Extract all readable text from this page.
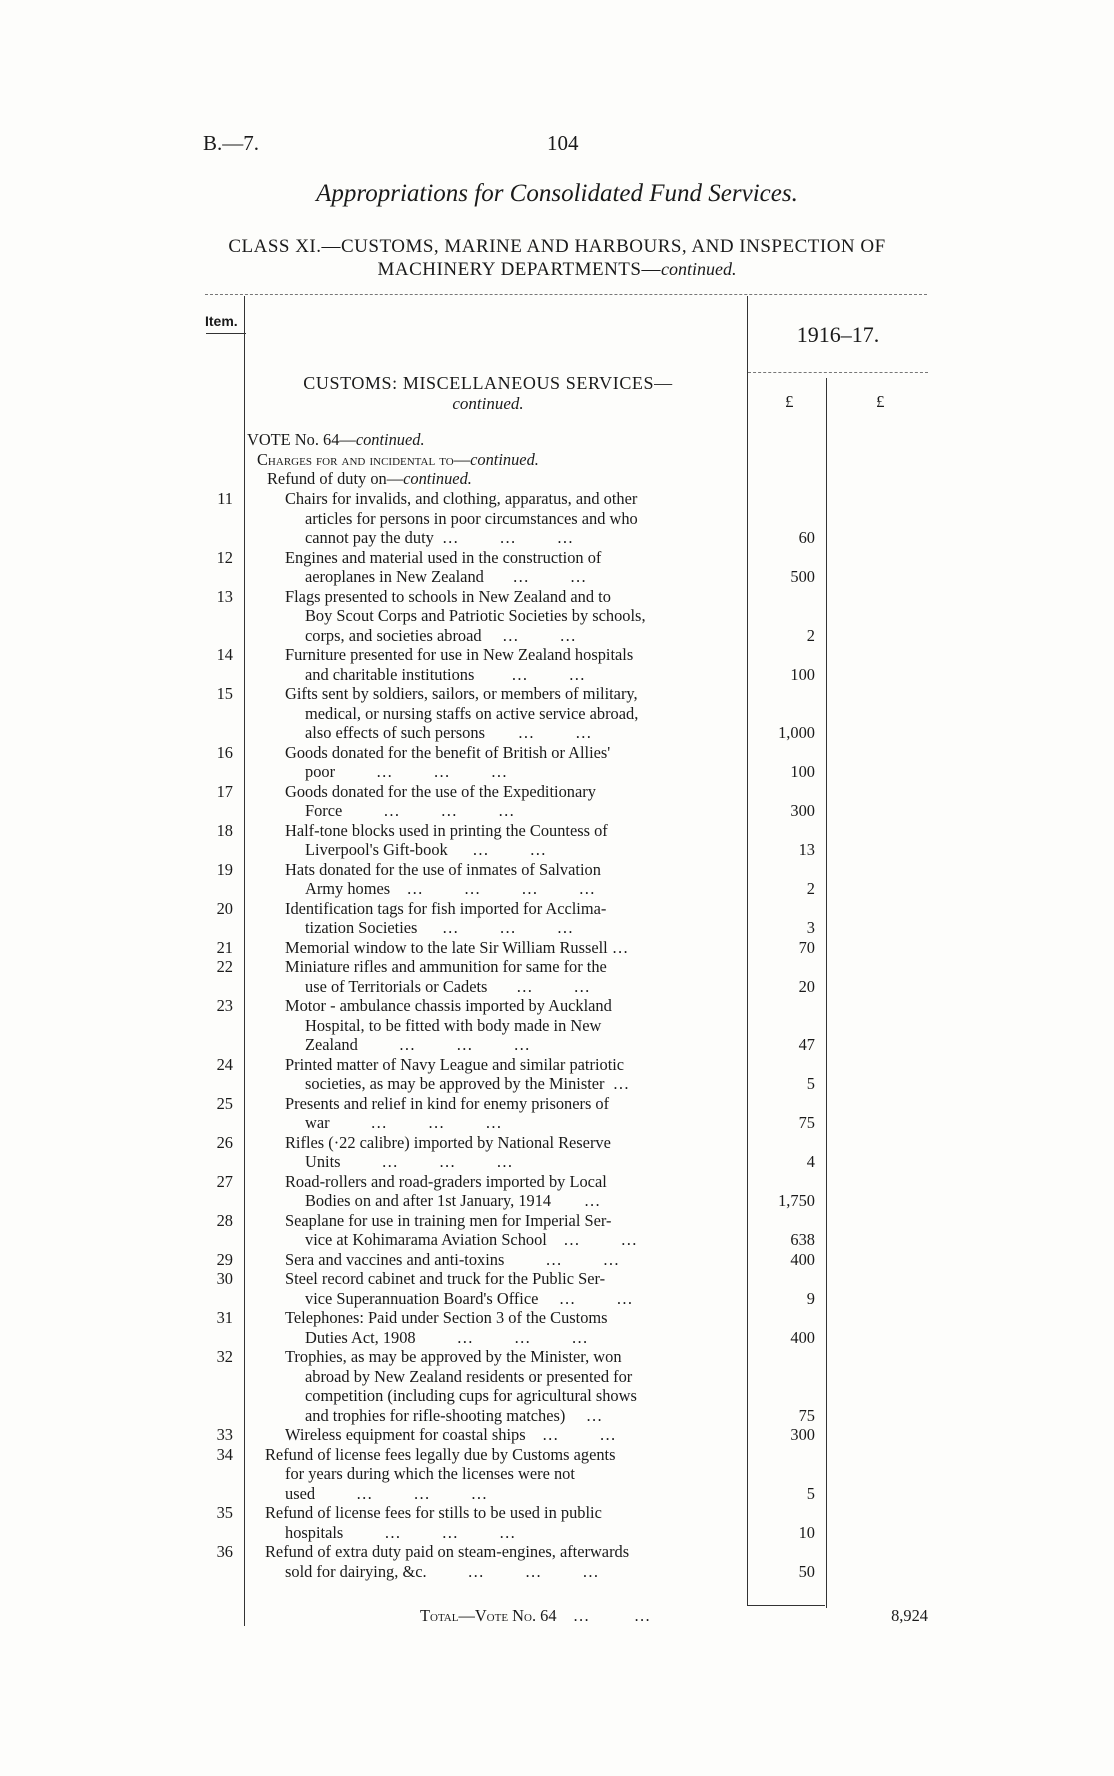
B.—7.	104
Appropriations for Consolidated Fund Services.
CLASS XI.—CUSTOMS, MARINE AND HARBOURS, AND INSPECTION OF
MACHINERY DEPARTMENTS—continued.
Item.
1916–17.
£	£
CUSTOMS: MISCELLANEOUS SERVICES—
continued.
VOTE No. 64—continued.
Charges for and incidental to—continued.
Refund of duty on—continued.
11	Chairs for invalids, and clothing, apparatus, and other
articles for persons in poor circumstances and who
cannot pay the duty  …          …          …	60
12	Engines and material used in the construction of
aeroplanes in New Zealand       …          …	500
13	Flags presented to schools in New Zealand and to
Boy Scout Corps and Patriotic Societies by schools,
corps, and societies abroad     …          …	2
14	Furniture presented for use in New Zealand hospitals
and charitable institutions         …          …	100
15	Gifts sent by soldiers, sailors, or members of military,
medical, or nursing staffs on active service abroad,
also effects of such persons        …          …	1,000
16	Goods donated for the benefit of British or Allies'
poor          …          …          …	100
17	Goods donated for the use of the Expeditionary
Force          …          …          …	300
18	Half-tone blocks used in printing the Countess of
Liverpool's Gift-book      …          …	13
19	Hats donated for the use of inmates of Salvation
Army homes    …          …          …          …	2
20	Identification tags for fish imported for Acclima-
tization Societies      …          …          …	3
21	Memorial window to the late Sir William Russell …	70
22	Miniature rifles and ammunition for same for the
use of Territorials or Cadets       …          …	20
23	Motor - ambulance chassis imported by Auckland
Hospital, to be fitted with body made in New
Zealand          …          …          …	47
24	Printed matter of Navy League and similar patriotic
societies, as may be approved by the Minister  …	5
25	Presents and relief in kind for enemy prisoners of
war          …          …          …	75
26	Rifles (·22 calibre) imported by National Reserve
Units          …          …          …	4
27	Road-rollers and road-graders imported by Local
Bodies on and after 1st January, 1914        …	1,750
28	Seaplane for use in training men for Imperial Ser-
vice at Kohimarama Aviation School    …          …	638
29	Sera and vaccines and anti-toxins          …          …	400
30	Steel record cabinet and truck for the Public Ser-
vice Superannuation Board's Office     …          …	9
31	Telephones: Paid under Section 3 of the Customs
Duties Act, 1908          …          …          …	400
32	Trophies, as may be approved by the Minister, won
abroad by New Zealand residents or presented for
competition (including cups for agricultural shows
and trophies for rifle-shooting matches)     …	75
33	Wireless equipment for coastal ships    …          …	300
34 Refund of license fees legally due by Customs agents
for years during which the licenses were not
used          …          …          …	5
35 Refund of license fees for stills to be used in public
hospitals          …          …          …	10
36 Refund of extra duty paid on steam-engines, afterwards
sold for dairying, &c.          …          …          …	50
Total—Vote No. 64   …       …	8,924
